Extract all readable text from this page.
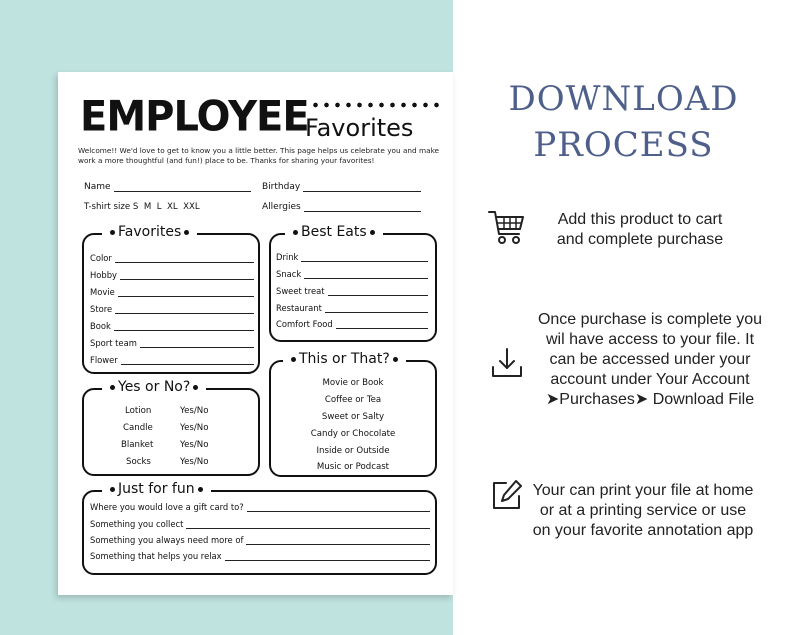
EMPLOYEE
Favorites
Welcome!! We'd love to get to know you a little better. This page helps us celebrate you and make work a more thoughtful (and fun!) place to be. Thanks for sharing your favorites!
Name	Birthday
T-shirt size S  M  L  XL  XXL	Allergies
Favorites
Color
Hobby
Movie
Store
Book
Sport team
Flower
Best Eats
Drink
Snack
Sweet treat
Restaurant
Comfort Food
Yes or No?
Lotion	Yes/No
Candle	Yes/No
Blanket	Yes/No
Socks	Yes/No
This or That?
Movie or Book
Coffee or Tea
Sweet or Salty
Candy or Chocolate
Inside or Outside
Music or Podcast
Just for fun
Where you would love a gift card to?
Something you collect
Something you always need more of
Something that helps you relax
DOWNLOAD
PROCESS
Add this product to cart and complete purchase
Once purchase is complete you wil have access to your file. It can be accessed under your account under Your Account ➤Purchases➤ Download File
Your can print your file at home or at a printing service or use on your favorite annotation app
